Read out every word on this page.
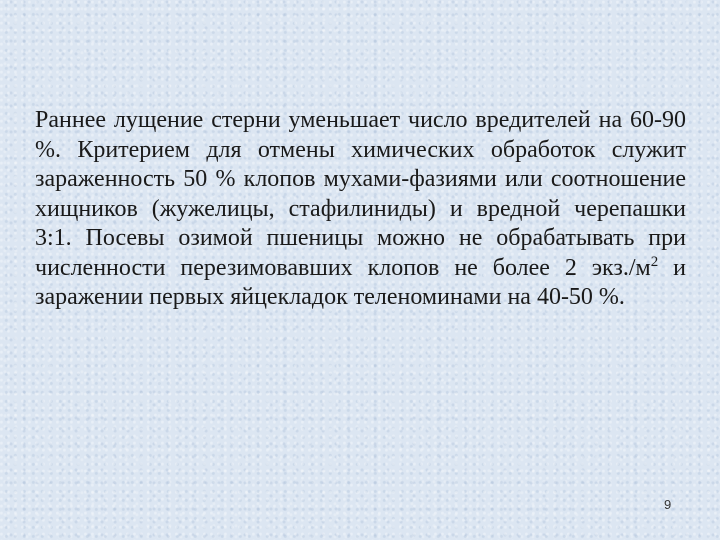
Раннее лущение стерни уменьшает число вредителей на 60-90 %. Критерием для отмены химических обработок служит зараженность 50 % клопов мухами-фазиями или соотношение хищников (жужелицы, стафилиниды) и вредной черепашки 3:1. Посевы озимой пшеницы можно не обрабатывать при численности перезимовавших клопов не более 2 $экз./м^2$ и заражении первых яйцекладок теленоминами на 40-50 %.

9
